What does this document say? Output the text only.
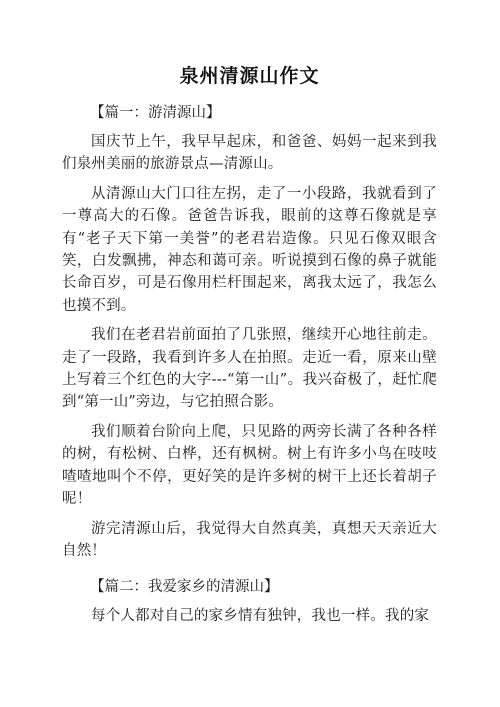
泉州清源山作文

【篇一：游清源山】

国庆节上午，我早早起床，和爸爸、妈妈一起来到我们泉州美丽的旅游景点—清源山。

从清源山大门口往左拐，走了一小段路，我就看到了一尊高大的石像。爸爸告诉我，眼前的这尊石像就是享有“老子天下第一美誉”的老君岩造像。只见石像双眼含笑，白发飘拂，神态和蔼可亲。听说摸到石像的鼻子就能长命百岁，可是石像用栏杆围起来，离我太远了，我怎么也摸不到。

我们在老君岩前面拍了几张照，继续开心地往前走。走了一段路，我看到许多人在拍照。走近一看，原来山壁上写着三个红色的大字---“第一山”。我兴奋极了，赶忙爬到“第一山”旁边，与它拍照合影。

我们顺着台阶向上爬，只见路的两旁长满了各种各样的树，有松树、白桦，还有枫树。树上有许多小鸟在吱吱喳喳地叫个不停，更好笑的是许多树的树干上还长着胡子呢！

游完清源山后，我觉得大自然真美，真想天天亲近大自然！

【篇二：我爱家乡的清源山】

每个人都对自己的家乡情有独钟，我也一样。我的家
